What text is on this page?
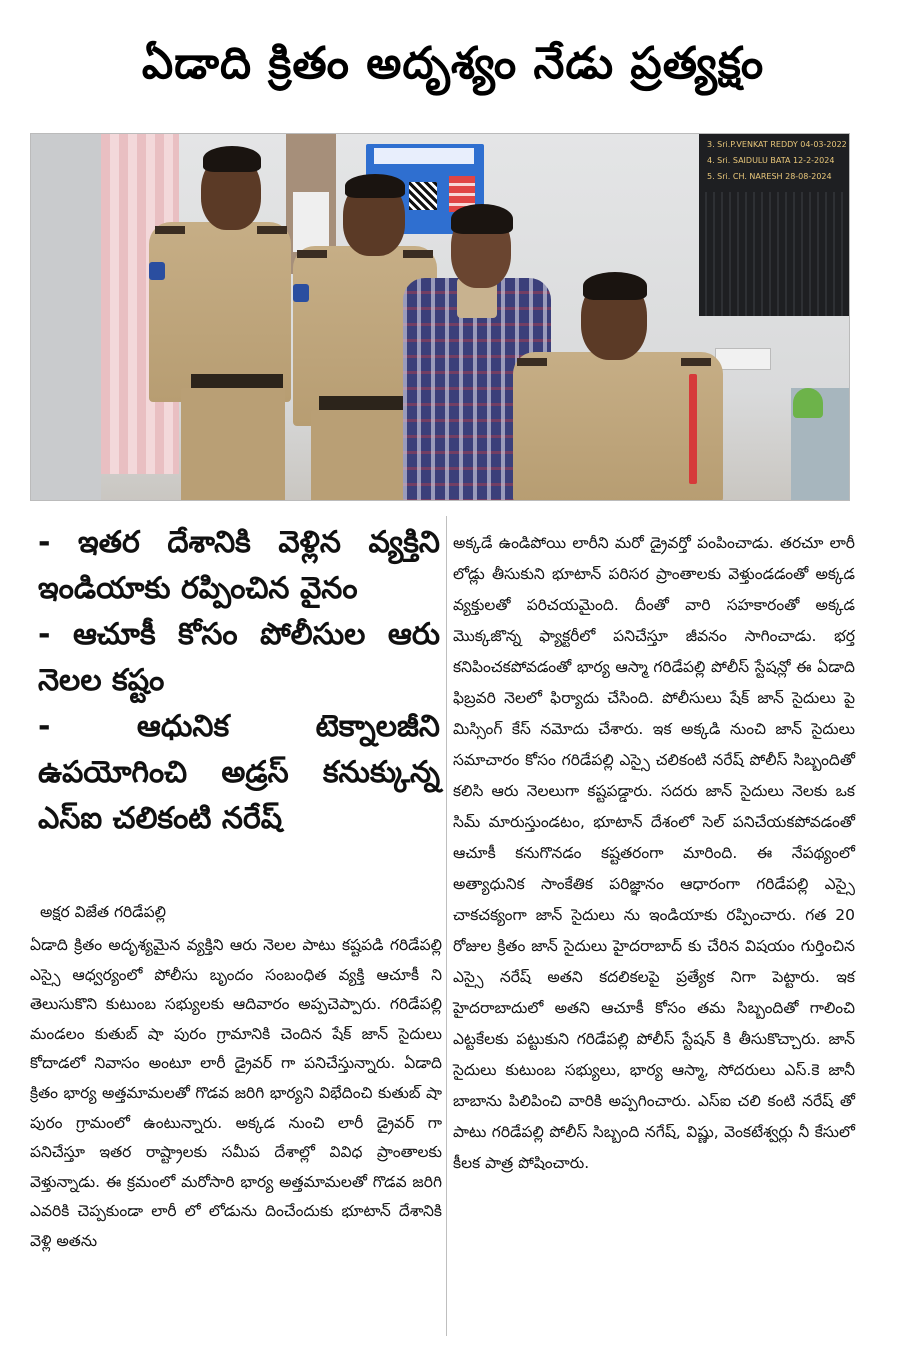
ఏడాది క్రితం అదృశ్యం నేడు ప్రత్యక్షం
3. Sri.P.VENKAT REDDY 04-03-2022
4. Sri. SAIDULU BATA 12-2-2024
5. Sri. CH. NARESH 28-08-2024

- ఇతర దేశానికి వెళ్లిన వ్యక్తిని ఇండియాకు రప్పించిన వైనం

- ఆచూకీ కోసం పోలీసుల ఆరు నెలల కష్టం

- ఆధునిక టెక్నాలజీని ఉపయోగించి అడ్రస్ కనుక్కున్న ఎస్ఐ చలికంటి నరేష్

అక్షర విజేత గరిడేపల్లి

ఏడాది క్రితం అదృశ్యమైన వ్యక్తిని ఆరు నెలల పాటు కష్టపడి గరిడేపల్లి ఎస్సై ఆధ్వర్యంలో పోలీసు బృందం సంబంధిత వ్యక్తి ఆచూకీ ని తెలుసుకొని కుటుంబ సభ్యులకు ఆదివారం అప్పచెప్పారు. గరిడేపల్లి మండలం కుతుబ్ షా పురం గ్రామానికి చెందిన షేక్ జాన్ సైదులు కోదాడలో నివాసం అంటూ లారీ డ్రైవర్ గా పనిచేస్తున్నారు. ఏడాది క్రితం భార్య అత్తమామలతో గొడవ జరిగి భార్యని విభేదించి కుతుబ్ షా పురం గ్రామంలో ఉంటున్నారు. అక్కడ నుంచి లారీ డ్రైవర్ గా పనిచేస్తూ ఇతర రాష్ట్రాలకు సమీప దేశాల్లో వివిధ ప్రాంతాలకు వెళ్తున్నాడు. ఈ క్రమంలో మరోసారి భార్య అత్తమామలతో గొడవ జరిగి ఎవరికి చెప్పకుండా లారీ లో లోడును దించేందుకు భూటాన్ దేశానికి వెళ్లి అతను

అక్కడే ఉండిపోయి లారీని మరో డ్రైవర్తో పంపించాడు. తరచూ లారీ లోడ్లు తీసుకుని భూటాన్ పరిసర ప్రాంతాలకు వెళ్తుండడంతో అక్కడ వ్యక్తులతో పరిచయమైంది. దీంతో వారి సహకారంతో అక్కడ మొక్కజొన్న ఫ్యాక్టరీలో పనిచేస్తూ జీవనం సాగించాడు. భర్త కనిపించకపోవడంతో భార్య ఆస్మా గరిడేపల్లి పోలీస్ స్టేషన్లో ఈ ఏడాది ఫిబ్రవరి నెలలో ఫిర్యాదు చేసింది. పోలీసులు షేక్ జాన్ సైదులు పై మిస్సింగ్ కేస్ నమోదు చేశారు. ఇక అక్కడి నుంచి జాన్ సైదులు సమాచారం కోసం గరిడేపల్లి ఎస్సై చలికంటి నరేష్ పోలీస్ సిబ్బందితో కలిసి ఆరు నెలలుగా కష్టపడ్డారు. సదరు జాన్ సైదులు నెలకు ఒక సిమ్ మారుస్తుండటం, భూటాన్ దేశంలో సెల్ పనిచేయకపోవడంతో ఆచూకీ కనుగొనడం కష్టతరంగా మారింది. ఈ నేపథ్యంలో అత్యాధునిక సాంకేతిక పరిజ్ఞానం ఆధారంగా గరిడేపల్లి ఎస్సై చాకచక్యంగా జాన్ సైదులు ను ఇండియాకు రప్పించారు. గత 20 రోజుల క్రితం జాన్ సైదులు హైదరాబాద్ కు చేరిన విషయం గుర్తించిన ఎస్సై నరేష్ అతని కదలికలపై ప్రత్యేక నిగా పెట్టారు. ఇక హైదరాబాదులో అతని ఆచూకీ కోసం తమ సిబ్బందితో గాలించి ఎట్టకేలకు పట్టుకుని గరిడేపల్లి పోలీస్ స్టేషన్ కి తీసుకొచ్చారు. జాన్ సైదులు కుటుంబ సభ్యులు, భార్య ఆస్మా, సోదరులు ఎస్.కె జానీ బాబాను పిలిపించి వారికి అప్పగించారు. ఎస్ఐ చలి కంటి నరేష్ తో పాటు గరిడేపల్లి పోలీస్ సిబ్బంది నగేష్, విష్ణు, వెంకటేశ్వర్లు నీ కేసులో కీలక పాత్ర పోషించారు.
